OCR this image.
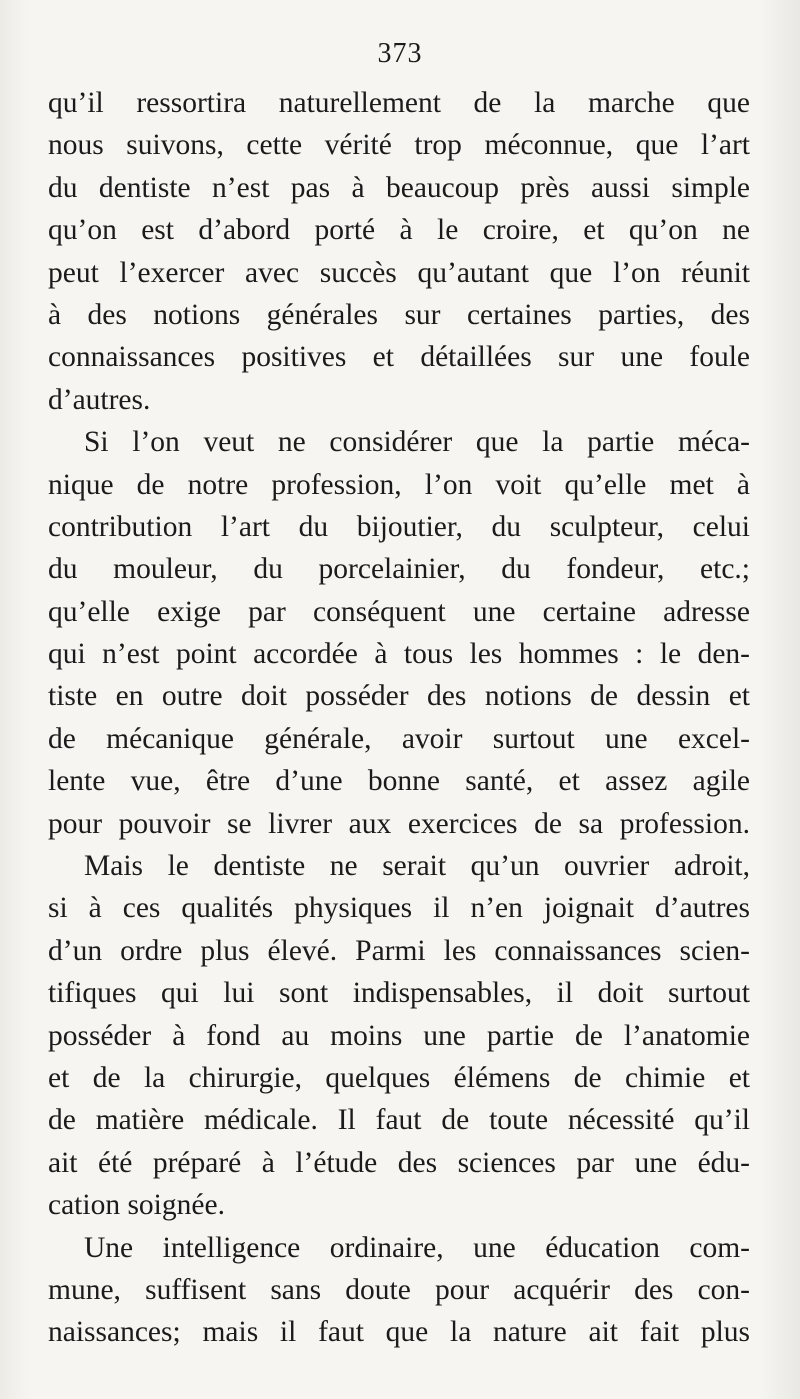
373
qu’il ressortira naturellement de la marche que
nous suivons, cette vérité trop méconnue, que l’art
du dentiste n’est pas à beaucoup près aussi simple
qu’on est d’abord porté à le croire, et qu’on ne
peut l’exercer avec succès qu’autant que l’on réunit
à des notions générales sur certaines parties, des
connaissances positives et détaillées sur une foule
d’autres.
Si l’on veut ne considérer que la partie méca-
nique de notre profession, l’on voit qu’elle met à
contribution l’art du bijoutier, du sculpteur, celui
du mouleur, du porcelainier, du fondeur, etc.;
qu’elle exige par conséquent une certaine adresse
qui n’est point accordée à tous les hommes : le den-
tiste en outre doit posséder des notions de dessin et
de mécanique générale, avoir surtout une excel-
lente vue, être d’une bonne santé, et assez agile
pour pouvoir se livrer aux exercices de sa profession.
Mais le dentiste ne serait qu’un ouvrier adroit,
si à ces qualités physiques il n’en joignait d’autres
d’un ordre plus élevé. Parmi les connaissances scien-
tifiques qui lui sont indispensables, il doit surtout
posséder à fond au moins une partie de l’anatomie
et de la chirurgie, quelques élémens de chimie et
de matière médicale. Il faut de toute nécessité qu’il
ait été préparé à l’étude des sciences par une édu-
cation soignée.
Une intelligence ordinaire, une éducation com-
mune, suffisent sans doute pour acquérir des con-
naissances; mais il faut que la nature ait fait plus
